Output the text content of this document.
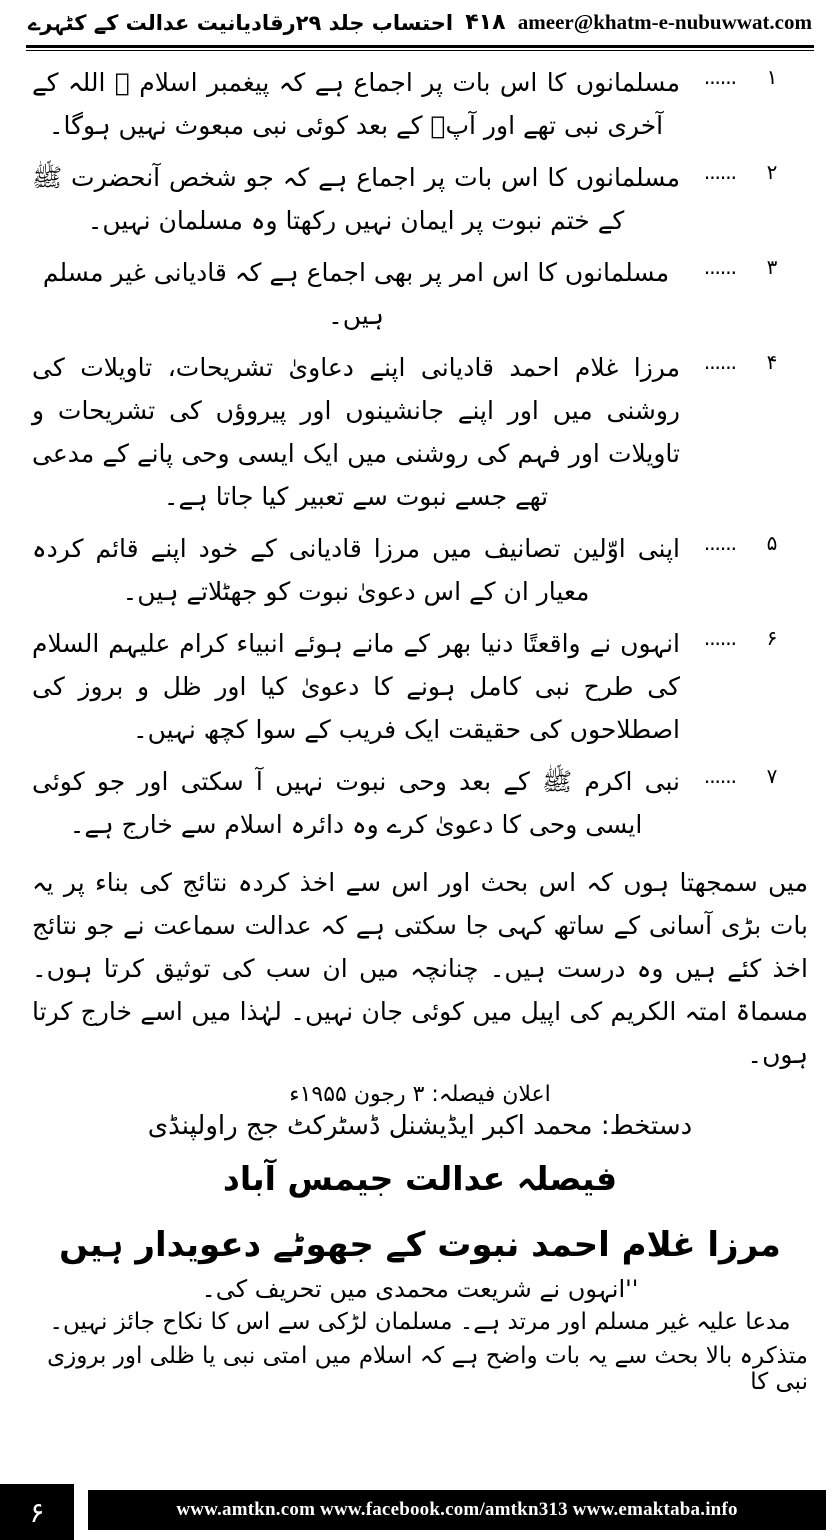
احتساب جلد ۲۹رقادیانیت عدالت کے کٹہرے ۴۱۸ ameer@khatm-e-nubuwwat.com
۱
......
مسلمانوں کا اس بات پر اجماع ہے کہ پیغمبر اسلام ﷺ اللہ کے آخری نبی تھے اور آپؐ کے بعد کوئی نبی مبعوث نہیں ہوگا۔
۲
......
مسلمانوں کا اس بات پر اجماع ہے کہ جو شخص آنحضرت ﷺ کے ختم نبوت پر ایمان نہیں رکھتا وہ مسلمان نہیں۔
۳
......
مسلمانوں کا اس امر پر بھی اجماع ہے کہ قادیانی غیر مسلم ہیں۔
۴
......
مرزا غلام احمد قادیانی اپنے دعاویٰ تشریحات، تاویلات کی روشنی میں اور اپنے جانشینوں اور پیروؤں کی تشریحات و تاویلات اور فہم کی روشنی میں ایک ایسی وحی پانے کے مدعی تھے جسے نبوت سے تعبیر کیا جاتا ہے۔
۵
......
اپنی اوّلین تصانیف میں مرزا قادیانی کے خود اپنے قائم کردہ معیار ان کے اس دعویٰ نبوت کو جھٹلاتے ہیں۔
۶
......
انہوں نے واقعتًا دنیا بھر کے مانے ہوئے انبیاء کرام علیہم السلام کی طرح نبی کامل ہونے کا دعویٰ کیا اور ظل و بروز کی اصطلاحوں کی حقیقت ایک فریب کے سوا کچھ نہیں۔
۷
......
نبی اکرم ﷺ کے بعد وحی نبوت نہیں آ سکتی اور جو کوئی ایسی وحی کا دعویٰ کرے وہ دائرہ اسلام سے خارج ہے۔
میں سمجھتا ہوں کہ اس بحث اور اس سے اخذ کردہ نتائج کی بناء پر یہ بات بڑی آسانی کے ساتھ کہی جا سکتی ہے کہ عدالت سماعت نے جو نتائج اخذ کئے ہیں وہ درست ہیں۔ چنانچہ میں ان سب کی توثیق کرتا ہوں۔ مسماۃ امتہ الکریم کی اپیل میں کوئی جان نہیں۔ لہٰذا میں اسے خارج کرتا ہوں۔
اعلان فیصلہ: ۳ رجون ۱۹۵۵ء
دستخط: محمد اکبر ایڈیشنل ڈسٹرکٹ جج راولپنڈی
فیصلہ عدالت جیمس آباد
مرزا غلام احمد نبوت کے جھوٹے دعویدار ہیں
''انہوں نے شریعت محمدی میں تحریف کی۔
مدعا علیہ غیر مسلم اور مرتد ہے۔ مسلمان لڑکی سے اس کا نکاح جائز نہیں۔
متذکرہ بالا بحث سے یہ بات واضح ہے کہ اسلام میں امتی نبی یا ظلی اور بروزی نبی کا
۶	www.amtkn.com www.facebook.com/amtkn313 www.emaktaba.info
